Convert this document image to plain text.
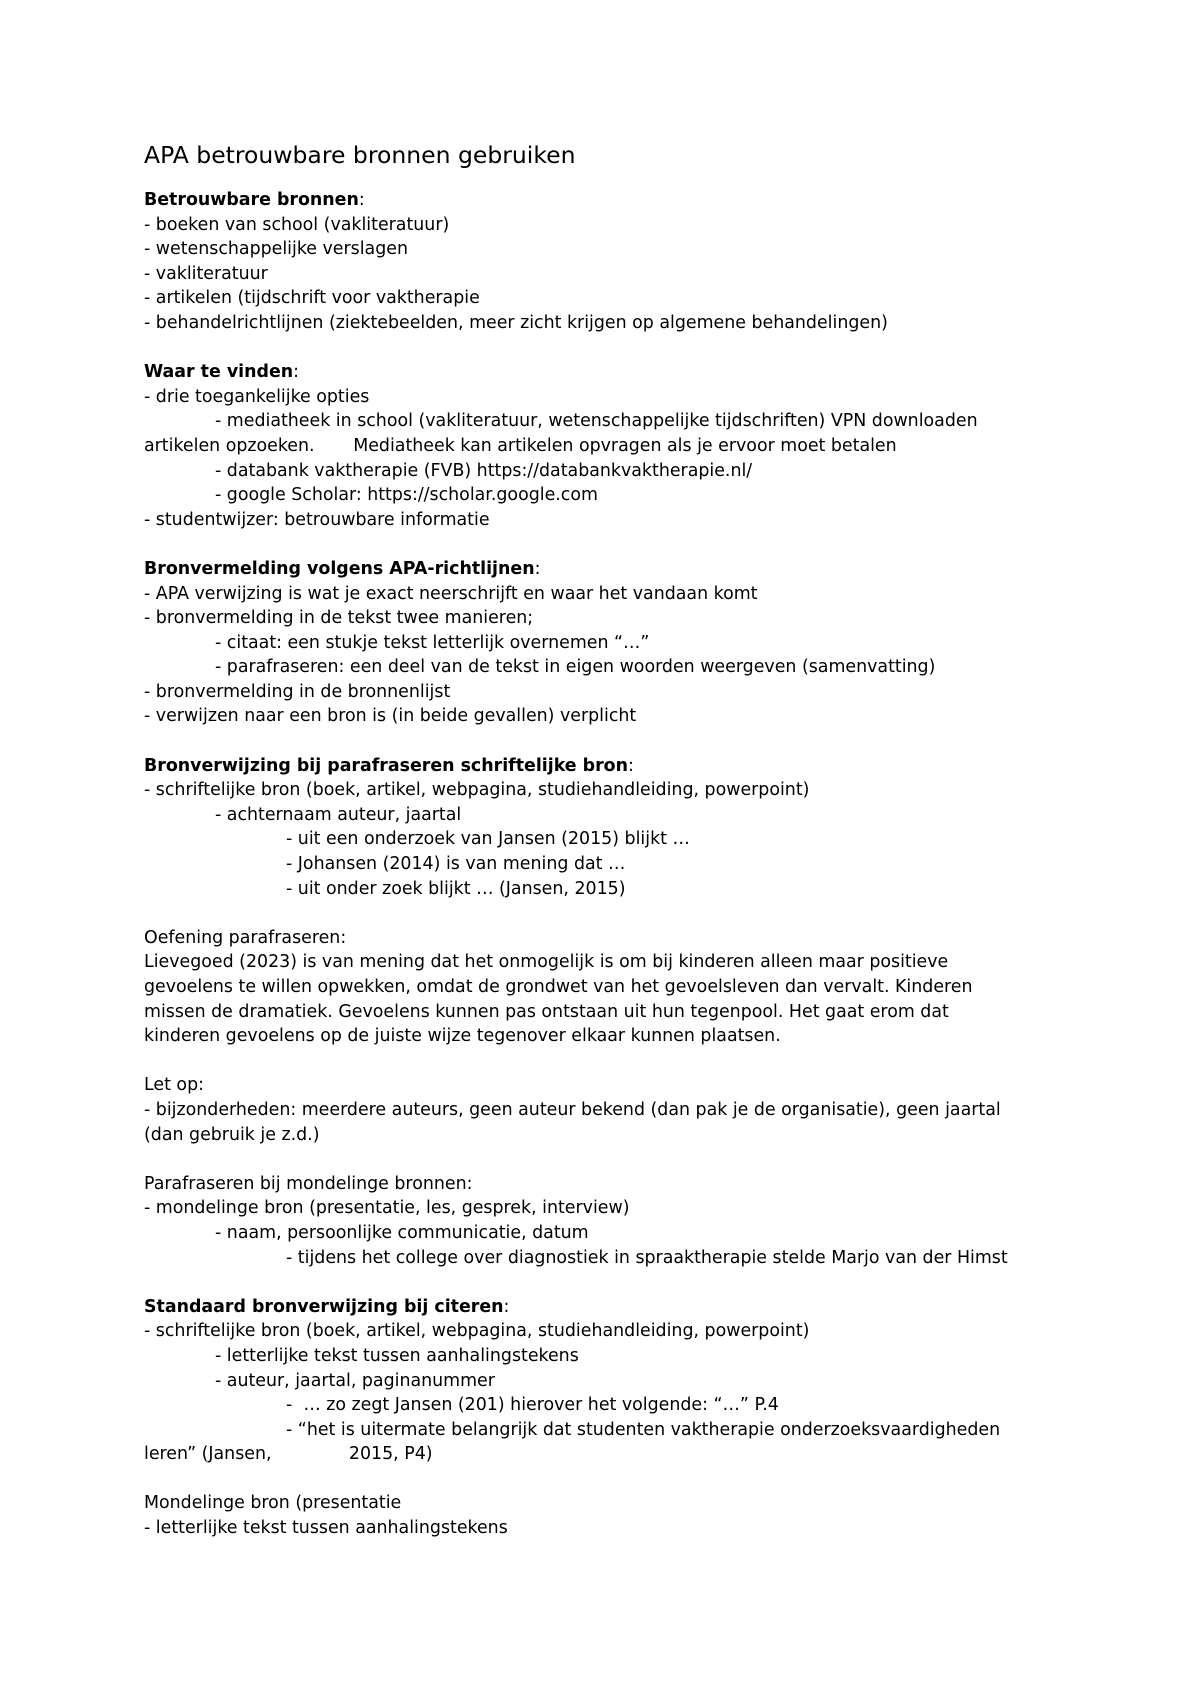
APA betrouwbare bronnen gebruiken
Betrouwbare bronnen:
- boeken van school (vakliteratuur)
- wetenschappelijke verslagen
- vakliteratuur
- artikelen (tijdschrift voor vaktherapie
- behandelrichtlijnen (ziektebeelden, meer zicht krijgen op algemene behandelingen)
Waar te vinden:
- drie toegankelijke opties
- mediatheek in school (vakliteratuur, wetenschappelijke tijdschriften) VPN downloaden
artikelen opzoeken.       Mediatheek kan artikelen opvragen als je ervoor moet betalen
- databank vaktherapie (FVB) https://databankvaktherapie.nl/
- google Scholar: https://scholar.google.com
- studentwijzer: betrouwbare informatie
Bronvermelding volgens APA-richtlijnen:
- APA verwijzing is wat je exact neerschrijft en waar het vandaan komt
- bronvermelding in de tekst twee manieren;
- citaat: een stukje tekst letterlijk overnemen “…”
- parafraseren: een deel van de tekst in eigen woorden weergeven (samenvatting)
- bronvermelding in de bronnenlijst
- verwijzen naar een bron is (in beide gevallen) verplicht
Bronverwijzing bij parafraseren schriftelijke bron:
- schriftelijke bron (boek, artikel, webpagina, studiehandleiding, powerpoint)
- achternaam auteur, jaartal
- uit een onderzoek van Jansen (2015) blijkt …
- Johansen (2014) is van mening dat …
- uit onder zoek blijkt … (Jansen, 2015)
Oefening parafraseren:
Lievegoed (2023) is van mening dat het onmogelijk is om bij kinderen alleen maar positieve
gevoelens te willen opwekken, omdat de grondwet van het gevoelsleven dan vervalt. Kinderen
missen de dramatiek. Gevoelens kunnen pas ontstaan uit hun tegenpool. Het gaat erom dat
kinderen gevoelens op de juiste wijze tegenover elkaar kunnen plaatsen.
Let op:
- bijzonderheden: meerdere auteurs, geen auteur bekend (dan pak je de organisatie), geen jaartal
(dan gebruik je z.d.)
Parafraseren bij mondelinge bronnen:
- mondelinge bron (presentatie, les, gesprek, interview)
- naam, persoonlijke communicatie, datum
- tijdens het college over diagnostiek in spraaktherapie stelde Marjo van der Himst
Standaard bronverwijzing bij citeren:
- schriftelijke bron (boek, artikel, webpagina, studiehandleiding, powerpoint)
- letterlijke tekst tussen aanhalingstekens
- auteur, jaartal, paginanummer
-  … zo zegt Jansen (201) hierover het volgende: “…” P.4
- “het is uitermate belangrijk dat studenten vaktherapie onderzoeksvaardigheden
leren” (Jansen,              2015, P4)
Mondelinge bron (presentatie
- letterlijke tekst tussen aanhalingstekens
